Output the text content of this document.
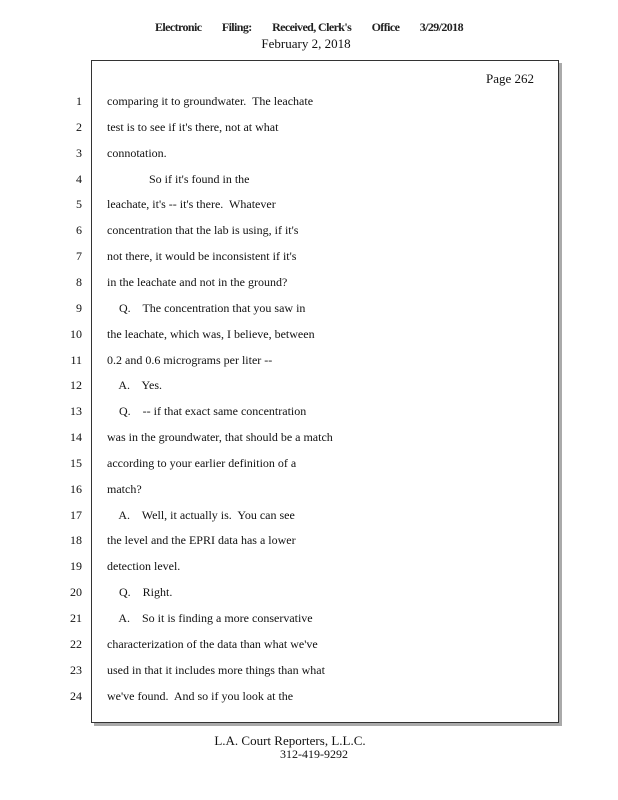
Electronic Filing: Received, Clerk's Office 3/29/2018
February 2, 2018
Page 262
1 comparing it to groundwater.  The leachate
2 test is to see if it's there, not at what
3 connotation.
4 So if it's found in the
5 leachate, it's -- it's there.  Whatever
6 concentration that the lab is using, if it's
7 not there, it would be inconsistent if it's
8 in the leachate and not in the ground?
9 Q.    The concentration that you saw in
10 the leachate, which was, I believe, between
11 0.2 and 0.6 micrograms per liter --
12 A.    Yes.
13 Q.    -- if that exact same concentration
14 was in the groundwater, that should be a match
15 according to your earlier definition of a
16 match?
17 A.    Well, it actually is.  You can see
18 the level and the EPRI data has a lower
19 detection level.
20 Q.    Right.
21 A.    So it is finding a more conservative
22 characterization of the data than what we've
23 used in that it includes more things than what
24 we've found.  And so if you look at the
L.A. Court Reporters, L.L.C.
312-419-9292
